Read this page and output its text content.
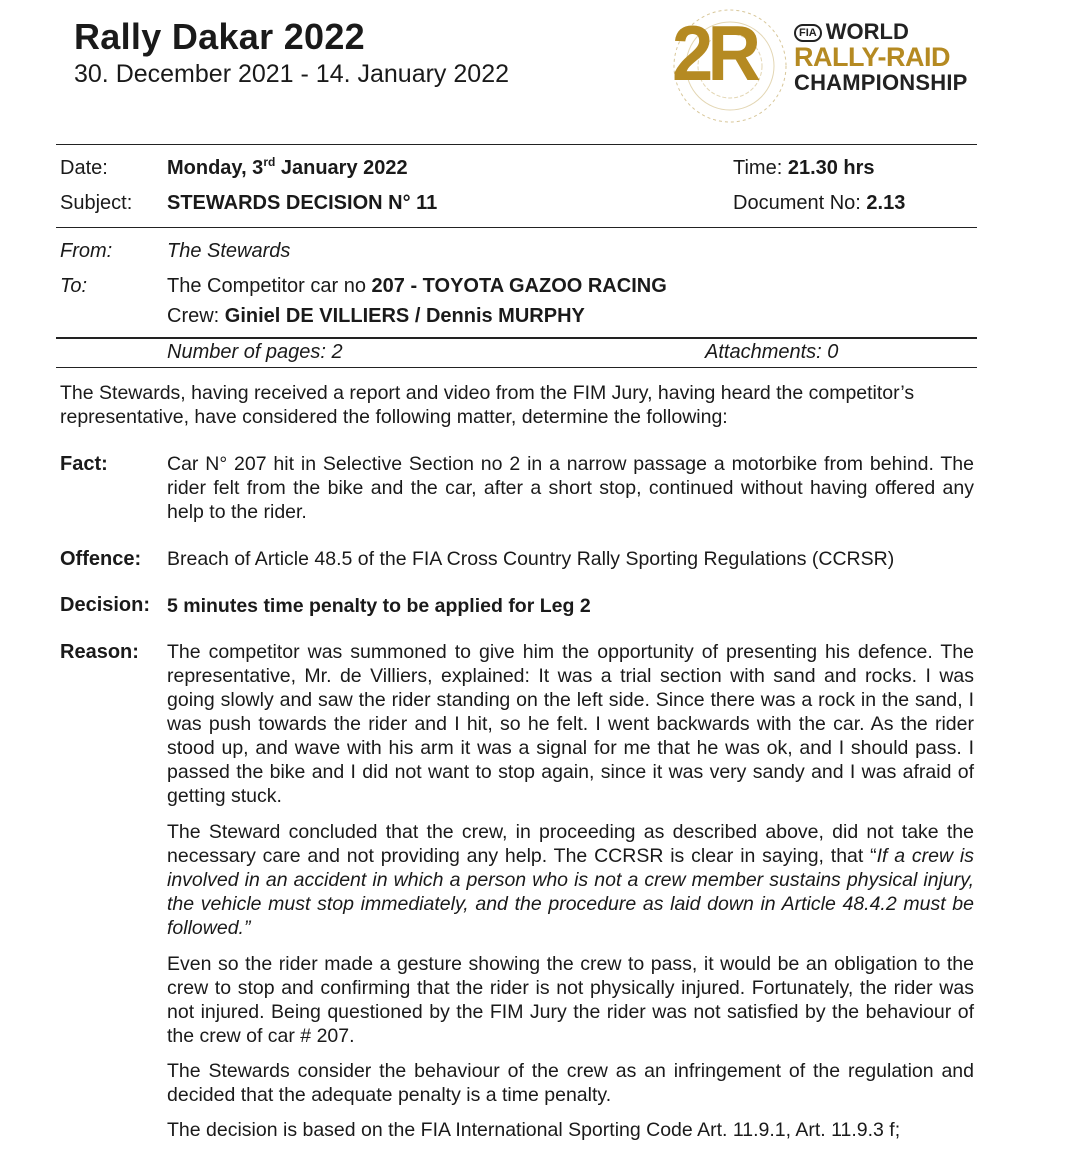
Rally Dakar 2022
30. December 2021 - 14. January 2022 2R	FIA WORLD
RALLY-RAID
CHAMPIONSHIP
Date:	Monday, 3rd January 2022	Time: 21.30 hrs
Subject: STEWARDS DECISION N° 11	Document No: 2.13
From:	The Stewards
To:	The Competitor car no 207 - TOYOTA GAZOO RACING
Crew: Giniel DE VILLIERS / Dennis MURPHY
Number of pages: 2	Attachments: 0
The Stewards, having received a report and video from the FIM Jury, having heard the competitor’s representative, have considered the following matter, determine the following:
Fact:	Car N° 207 hit in Selective Section no 2 in a narrow passage a motorbike from behind. The rider felt from the bike and the car, after a short stop, continued without having offered any help to the rider.
Offence: Breach of Article 48.5 of the FIA Cross Country Rally Sporting Regulations (CCRSR)
Decision: 5 minutes time penalty to be applied for Leg 2
Reason: The competitor was summoned to give him the opportunity of presenting his defence. The representative, Mr. de Villiers, explained: It was a trial section with sand and rocks. I was going slowly and saw the rider standing on the left side. Since there was a rock in the sand, I was push towards the rider and I hit, so he felt. I went backwards with the car. As the rider stood up, and wave with his arm it was a signal for me that he was ok, and I should pass. I passed the bike and I did not want to stop again, since it was very sandy and I was afraid of getting stuck.
The Steward concluded that the crew, in proceeding as described above, did not take the necessary care and not providing any help. The CCRSR is clear in saying, that “If a crew is involved in an accident in which a person who is not a crew member sustains physical injury, the vehicle must stop immediately, and the procedure as laid down in Article 48.4.2 must be followed.”
Even so the rider made a gesture showing the crew to pass, it would be an obligation to the crew to stop and confirming that the rider is not physically injured. Fortunately, the rider was not injured. Being questioned by the FIM Jury the rider was not satisfied by the behaviour of the crew of car # 207.
The Stewards consider the behaviour of the crew as an infringement of the regulation and decided that the adequate penalty is a time penalty.
The decision is based on the FIA International Sporting Code Art. 11.9.1, Art. 11.9.3 f;
